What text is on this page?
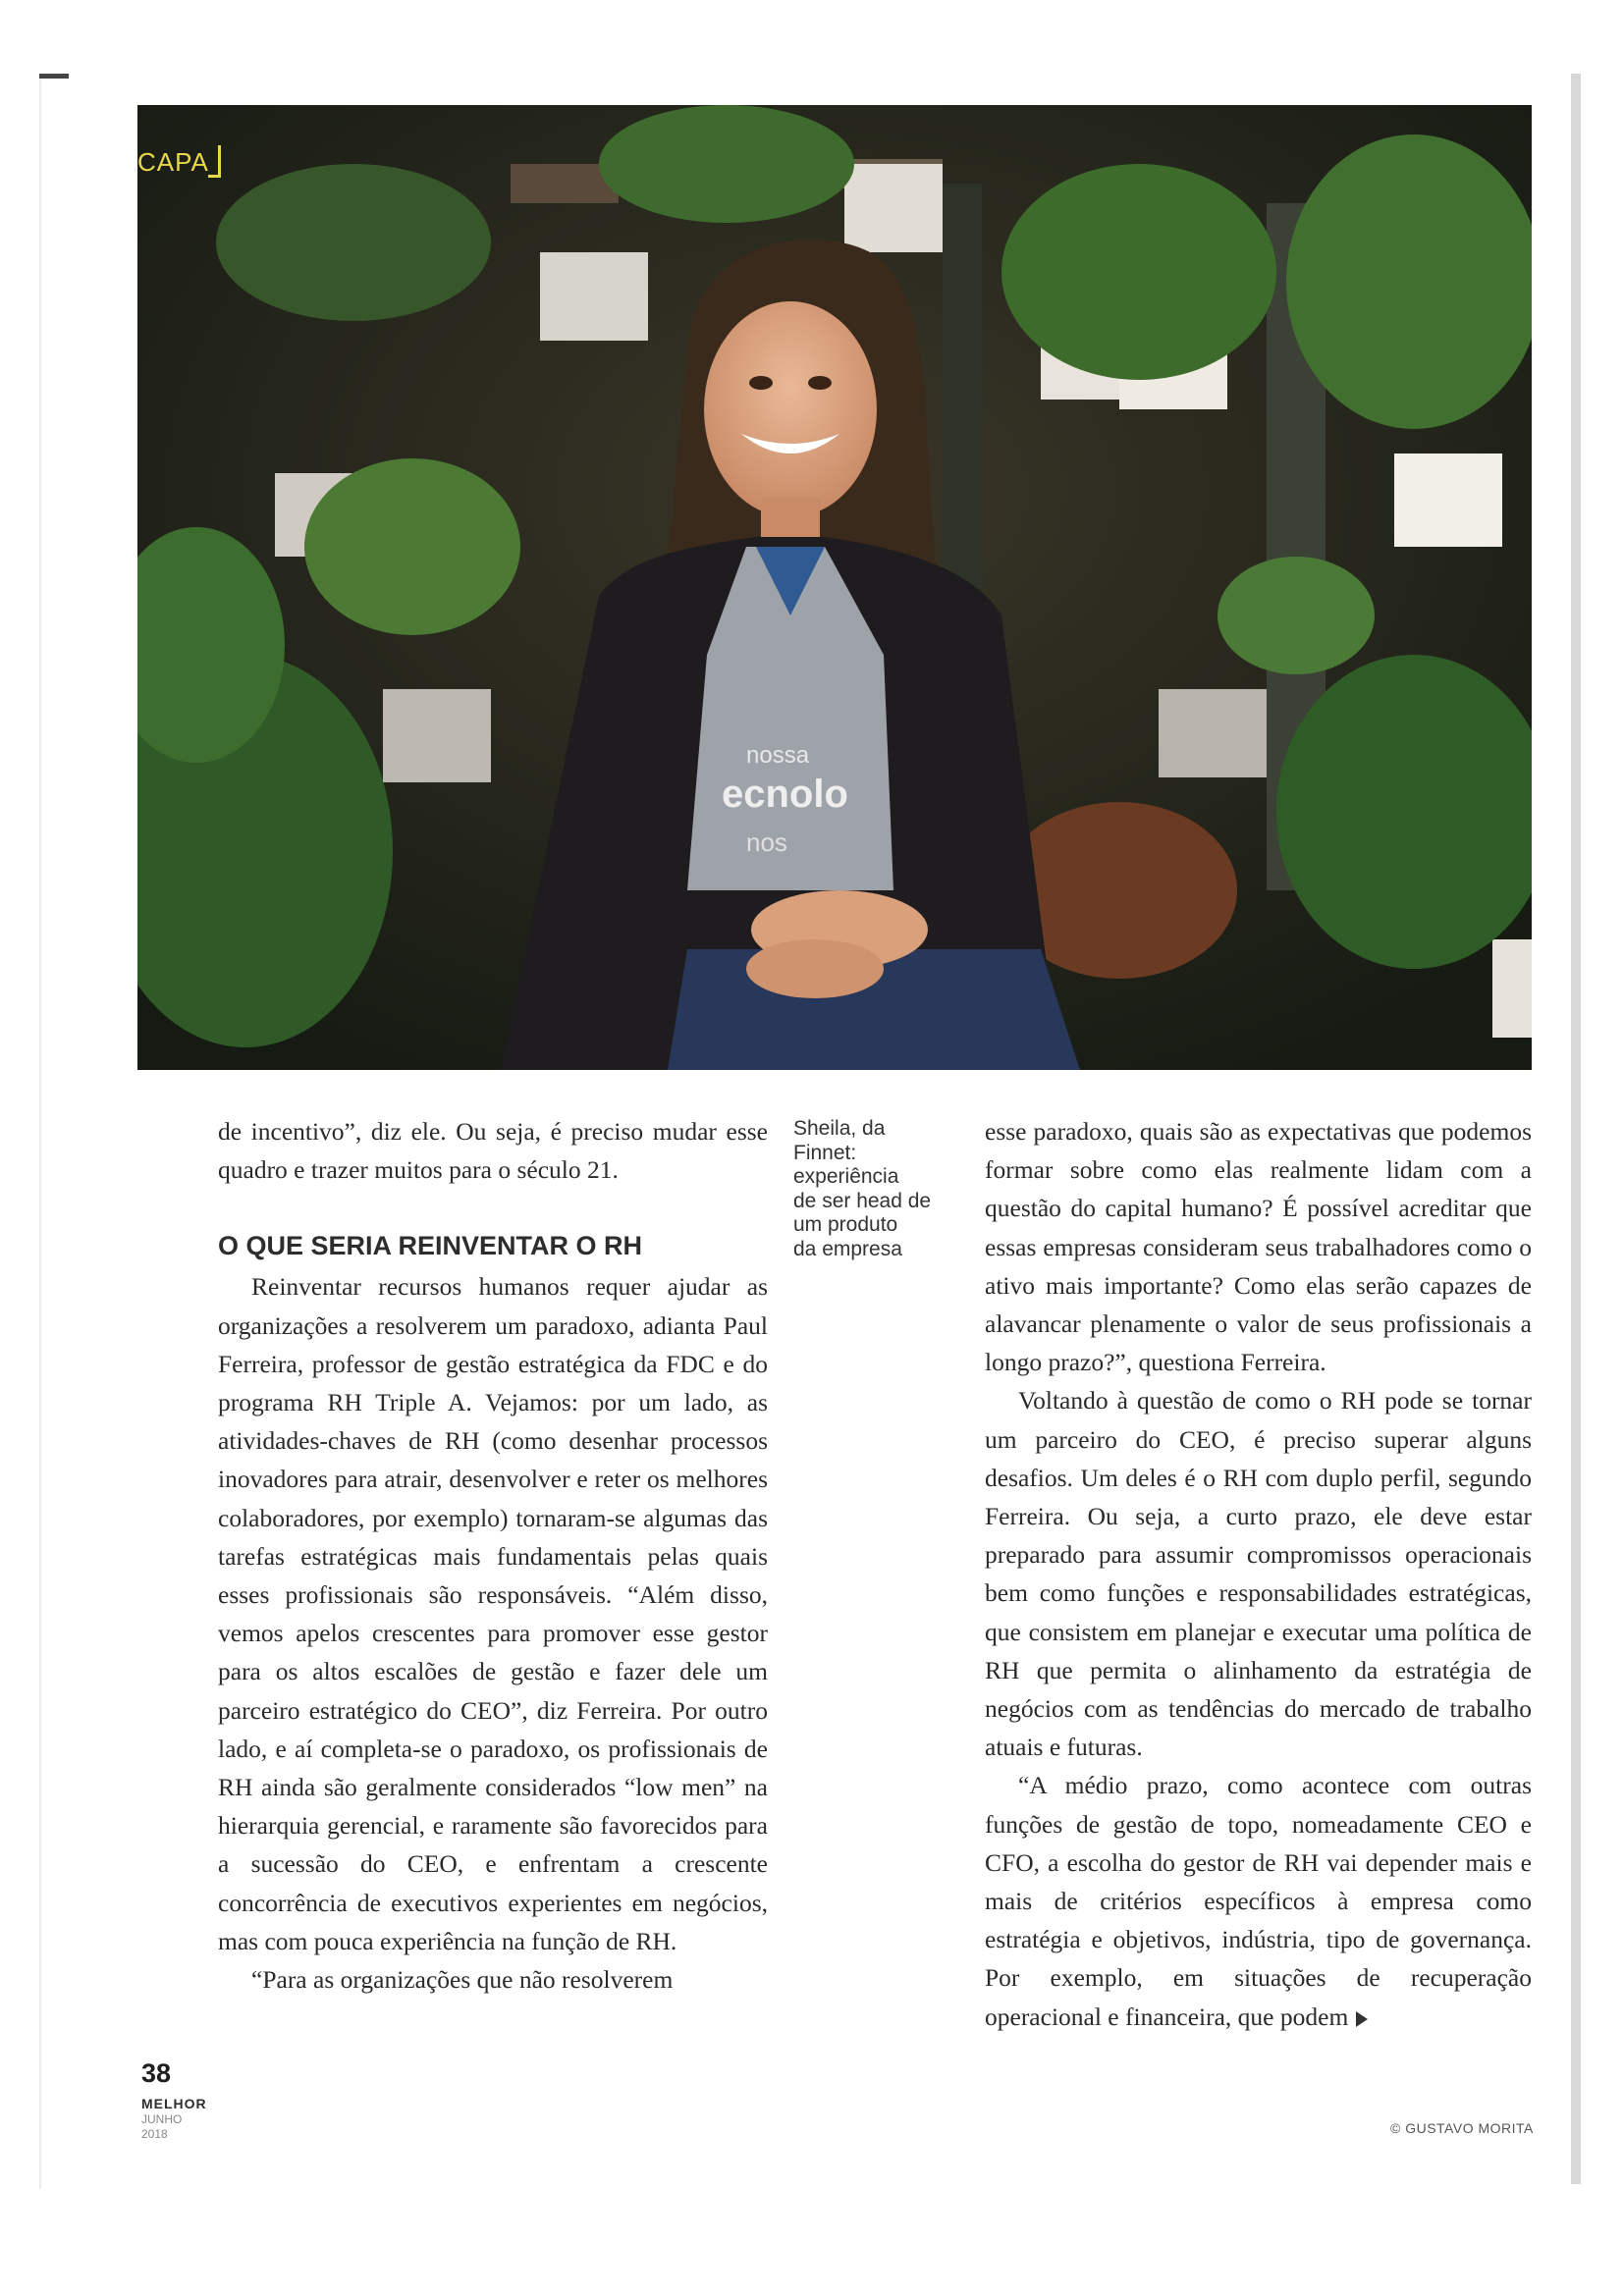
nossa
ecnolo
nos
CAPA

de incentivo”, diz ele. Ou seja, é preciso mudar esse quadro e trazer muitos para o século 21.

O QUE SERIA REINVENTAR O RH

Reinventar recursos humanos requer ajudar as organizações a resolverem um paradoxo, adianta Paul Ferreira, professor de gestão estratégica da FDC e do programa RH Triple A. Vejamos: por um lado, as atividades-chaves de RH (como desenhar processos inovadores para atrair, desenvolver e reter os melhores colaboradores, por exemplo) tornaram-se algumas das tarefas estratégicas mais fundamentais pelas quais esses profissionais são responsáveis. “Além disso, vemos apelos crescentes para promover esse gestor para os altos escalões de gestão e fazer dele um parceiro estratégico do CEO”, diz Ferreira. Por outro lado, e aí completa-se o paradoxo, os profissionais de RH ainda são geralmente considerados “low men” na hierarquia gerencial, e raramente são favorecidos para a sucessão do CEO, e enfrentam a crescente concorrência de executivos experientes em negócios, mas com pouca experiência na função de RH.

“Para as organizações que não resolverem

Sheila, da
Finnet:
experiência
de ser head de
um produto
da empresa

esse paradoxo, quais são as expectativas que podemos formar sobre como elas realmente lidam com a questão do capital humano? É possível acreditar que essas empresas consideram seus trabalhadores como o ativo mais importante? Como elas serão capazes de alavancar plenamente o valor de seus profissionais a longo prazo?”, questiona Ferreira.

Voltando à questão de como o RH pode se tornar um parceiro do CEO, é preciso superar alguns desafios. Um deles é o RH com duplo perfil, segundo Ferreira. Ou seja, a curto prazo, ele deve estar preparado para assumir compromissos operacionais bem como funções e responsabilidades estratégicas, que consistem em planejar e executar uma política de RH que permita o alinhamento da estratégia de negócios com as tendências do mercado de trabalho atuais e futuras.

“A médio prazo, como acontece com outras funções de gestão de topo, nomeadamente CEO e CFO, a escolha do gestor de RH vai depender mais e mais de critérios específicos à empresa como estratégia e objetivos, indústria, tipo de governança. Por exemplo, em situações de recuperação operacional e financeira, que podem

38
MELHOR
JUNHO
2018	© GUSTAVO MORITA
